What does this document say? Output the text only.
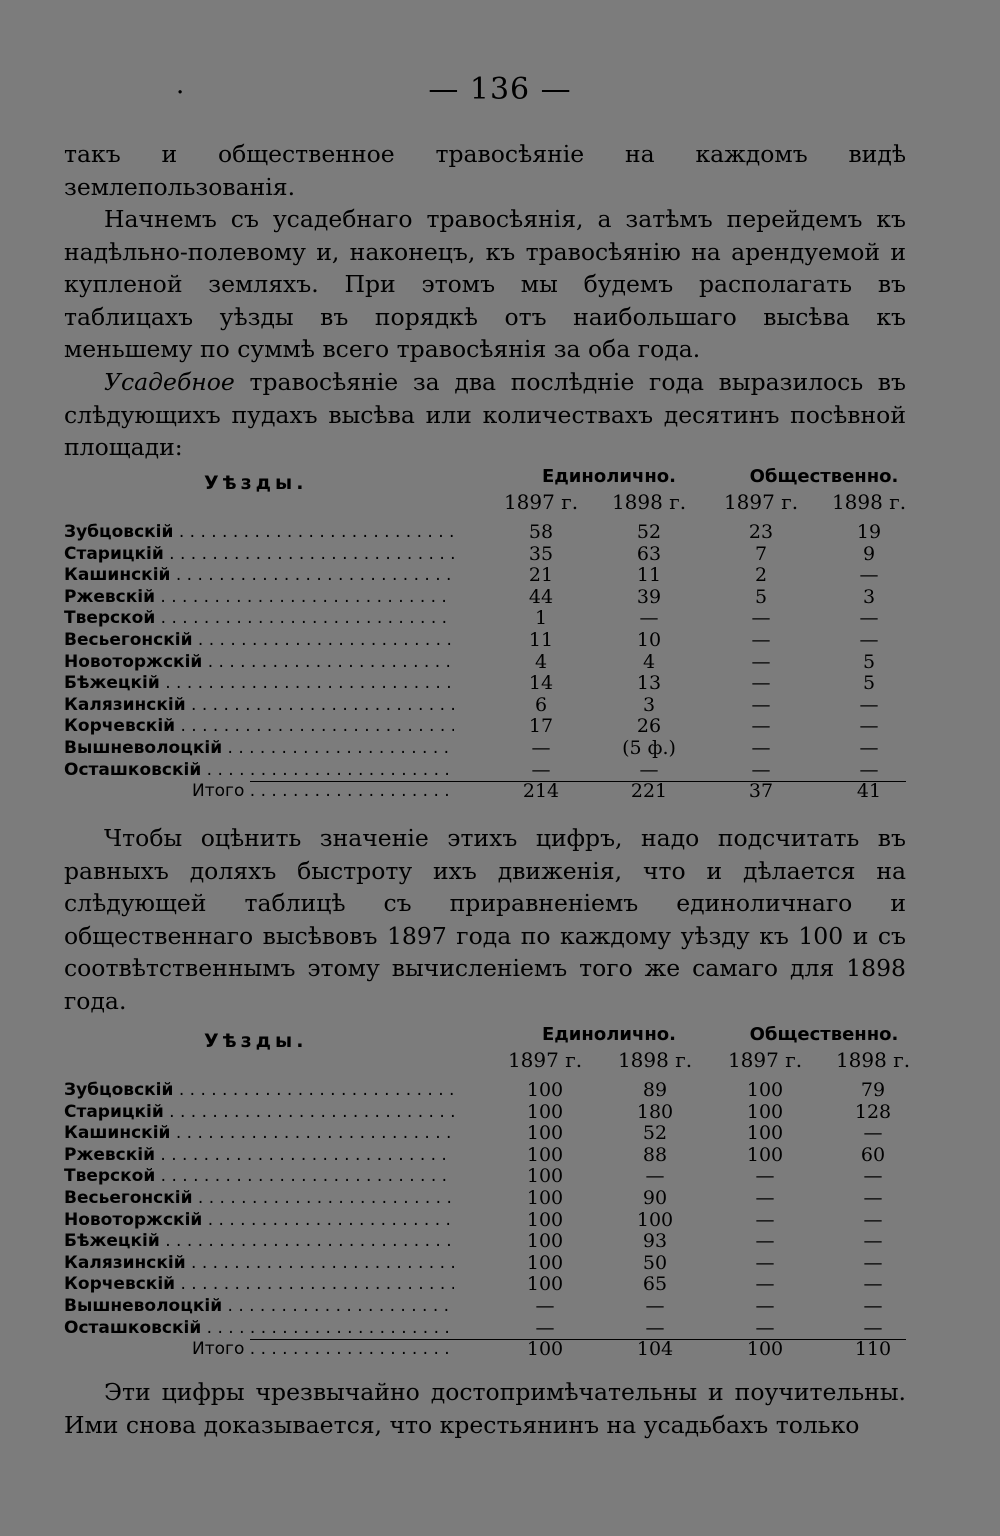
·	— 136 —

такъ и общественное травосѣяніе на каждомъ видѣ землепользованія.

Начнемъ съ усадебнаго травосѣянія, а затѣмъ перейдемъ къ надѣльно-полевому и, наконецъ, къ травосѣянію на арендуемой и купленой земляхъ. При этомъ мы будемъ располагать въ таблицахъ уѣзды въ порядкѣ отъ наибольшаго высѣва къ меньшему по суммѣ всего травосѣянія за оба года.

Усадебное травосѣяніе за два послѣдніе года выразилось въ слѣдующихъ пудахъ высѣва или количествахъ десятинъ посѣвной площади:

Уѣзды.	Единолично.	Общественно.
1897 г.	1898 г.	1897 г.	1898 г.
Зубцовскій . . .	58	52	23	19
Старицкій . . .	35	63	7	9
Кашинскій . . .	21	11	2	—
Ржевскій . . .	44	39	5	3
Тверской . . .	1	—	—	—
Весьегонскій . . .	11	10	—	—
Новоторжскій . . .	4	4	—	5
Бѣжецкій . . .	14	13	—	5
Калязинскій . . .	6	3	—	—
Корчевскій . . .	17	26	—	—
Вышневолоцкій . . .	—	(5 ф.)	—	—
Осташковскій . . .	—	—	—	—
Итого . . .	214	221	37	41

Чтобы оцѣнить значеніе этихъ цифръ, надо подсчитать въ равныхъ доляхъ быстроту ихъ движенія, что и дѣлается на слѣдующей таблицѣ съ приравненіемъ единоличнаго и общественнаго высѣвовъ 1897 года по каждому уѣзду къ 100 и съ соотвѣтственнымъ этому вычисленіемъ того же самаго для 1898 года.

Уѣзды.	Единолично.	Общественно.
1897 г.	1898 г.	1897 г.	1898 г.
Зубцовскій . . .	100	89	100	79
Старицкій . . .	100	180	100	128
Кашинскій . . .	100	52	100	—
Ржевскій . . .	100	88	100	60
Тверской . . .	100	—	—	—
Весьегонскій . . .	100	90	—	—
Новоторжскій . . .	100	100	—	—
Бѣжецкій . . .	100	93	—	—
Калязинскій . . .	100	50	—	—
Корчевскій . . .	100	65	—	—
Вышневолоцкій . . .	—	—	—	—
Осташковскій . . .	—	—	—	—
Итого . . .	100	104	100	110

Эти цифры чрезвычайно достопримѣчательны и поучительны. Ими снова доказывается, что крестьянинъ на усадьбахъ только
